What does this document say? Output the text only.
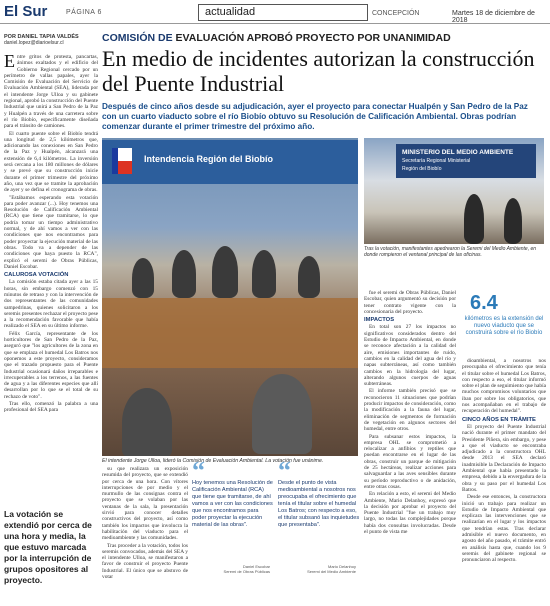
El Sur	PÁGINA 6	actualidad	CONCEPCIÓN	Martes 18 de diciembre de 2018
POR DANIEL TAPIA VALDÉS
daniel.lopez@diarioelsur.cl	COMISIÓN DE EVALUACIÓN APROBÓ PROYECTO POR UNANIMIDAD
En medio de incidentes autorizan la construcción del Puente Industrial
Después de cinco años desde su adjudicación, ayer el proyecto para conectar Hualpén y San Pedro de la Paz con un cuarto viaducto sobre el río Biobío obtuvo su Resolución de Calificación Ambiental. Obras podrían comenzar durante el primer trimestre del próximo año.

Entre gritos de protesta, pancartas, ánimos exaltados y el edificio del Gobierno Regional cercado por un perímetro de vallas papales, ayer la Comisión de Evaluación del Servicio de Evaluación Ambiental (SEA), liderada por el intendente Jorge Ulloa y su gabinete regional, aprobó la construcción del Puente Industrial que unirá a San Pedro de la Paz y Hualpén a través de una carretera sobre el río Biobío, específicamente diseñada para el tránsito de camiones.

El cuarto puente sobre el Biobío tendrá una longitud de 2,5 kilómetros que, adicionando las conexiones en San Pedro de la Paz y Hualpén, alcanzará una extensión de 6,4 kilómetros. La inversión será cercana a los 180 millones de dólares y se prevé que su construcción inicie durante el primer trimestre del próximo año, una vez que se tramite la aprobación de ayer y se defina el cronograma de obras.

"Estábamos esperando esta votación para poder avanzar (...). Hoy tenemos una Resolución de Calificación Ambiental (RCA) que tiene que tramitarse, lo que podría tomar un tiempo administrativo normal, y de ahí vamos a ver con las condiciones que nos encontramos para poder proyectar la ejecución material de las obras. Todo va a depender de las condiciones que haya puesto la RCA", explicó el seremi de Obras Públicas, Daniel Escobar.

CALUROSA VOTACIÓN

La comisión estaba citada ayer a las 15 horas, sin embargo comenzó con 15 minutos de retraso y con la intervención de dos representantes de las comunidades sampedrinas, quienes solicitaron a los seremis presentes rechazar el proyecto pese a la recomendación favorable que había realizado el SEA en su último informe.

Félix García, representante de los horticultores de San Pedro de la Paz, aseguró que "los agricultores de la zona en que se emplaza el humedal Los Batros nos oponemos a este proyecto, consideramos que el trazado propuesto para el Puente Industrial ocasionará daños irreparables e irrecuperables a los terrenos, a las fuentes de agua y a las diferentes especies que allí desarrollan por lo que se el total de su rechazo de voto".

Tras ello, comenzó la palabra a una profesional del SEA para

La votación se extendió por cerca de una hora y media, la que estuvo marcada por la interrupción de grupos opositores al proyecto.
Intendencia Región del Biobío
El intendente Jorge Ulloa, lideró la Comisión de Evaluación Ambiental. La votación fue unánime.
MINISTERIO DEL MEDIO AMBIENTE
Secretaría Regional Ministerial
Región del Biobío
Tras la votación, manifestantes apedrearon la Seremi del Medio Ambiente, en donde rompieron el ventanal principal de las oficinas.

fue el seremi de Obras Públicas, Daniel Escobar, quien argumentó su decisión por tener contrato vigente con la concesionaria del proyecto.

IMPACTOS

En total son 27 los impactos no significativos considerados dentro del Estudio de Impacto Ambiental, en donde se reconoce afectación a la calidad del aire, emisiones importantes de ruido, cambios en la calidad del agua del río y napas subterráneas, así como también cambios en la hidrología del lugar, alterando algunos cuerpos de aguas subterráneas.

El informe también precisó que se reconocieron 11 situaciones que podrían producir impactos de consideración, como la modificación a la fauna del lugar, eliminación de segmentos de formación de vegetación en algunos sectores del humedal, entre otros.

Para subsanar estos impactos, la empresa OHL se comprometió a relocalizar a anfibios y reptiles que puedan encontrarse en el lugar de las obras, construir un parque de mitigación de 25 hectáreas, realizar acciones para salvaguardar a las aves sensibles durante su período reproductivo o de anidación, entre otras cosas.

En relación a esto, el seremi del Medio Ambiente, Mario Delanhoy, expresó que la decisión por aprobar el proyecto del Puente Industrial "fue un trabajo muy largo, no todas las complejidades porque había dos consultas involucradas. Desde el punto de vista me

6.4
kilómetros es la extensión del nuevo viaducto que se construirá sobre el río Biobío

dioambiental, a nosotros nos preocupaba el ofrecimiento que tenía el titular sobre el humedal Los Batros, con respecto a eso, el titular informó sobre el plan de seguimiento que había muchos compromisos voluntarios que iban por sobre los obligatorios, que nos acompañaban en el trabajo de recuperación del humedal".

CINCO AÑOS EN TRÁMITE

El proyecto del Puente Industrial nació durante el primer mandato del Presidente Piñera, sin embargo, y pese a que el viaducto se encontraba adjudicado a la constructora OHL desde 2013 el SEA declaró inadmisible la Declaración de Impacto Ambiental que había presentado la empresa, debido a la envergadura de la obra y su paso por el humedal Los Batros.

Desde ese entonces, la constructora inició un trabajo para realizar un Estudio de Impacto Ambiental que explicara las intervenciones que se realizarían en el lugar y los impactos que tendrían estas. Tras declarar admisible el nuevo documento, en agosto del año pasado, el trámite entró en análisis hasta que, cuando los 9 seremis del gabinete regional se pronunciaron al respecto.

su que realizara un exposición resumida del proyecto, que se extendió por cerca de una hora. Con vítores interrupciones de por medio y el murmullo de las consignas contra el proyecto que se volaban por las ventanas de la sala, la presentación sirvió para conocer detalles constructivos del proyecto, así como también los impactos que involucra la habilitación del viaducto para el medioambiente y las comunidades.

Tras proceder a la votación, todos los seremis convocados, además del SEA y el intendente Ulloa, se manifestaron a favor de construir el proyecto Puente Industrial. El único que se abstuvo de votar

“
Hoy tenemos una Resolución de Calificación Ambiental (RCA) que tiene que tramitarse, de ahí vamos a ver con las condiciones que nos encontramos para poder proyectar la ejecución material de las obras".
Daniel Escobar
Seremi de Obras Públicas
“
Desde el punto de vista medioambiental a nosotros nos preocupaba el ofrecimiento que tenía el titular sobre el humedal Los Batros; con respecto a eso, el titular subsanó las inquietudes que presentaba".
Mario Delanhoy
Seremi del Medio Ambiente
